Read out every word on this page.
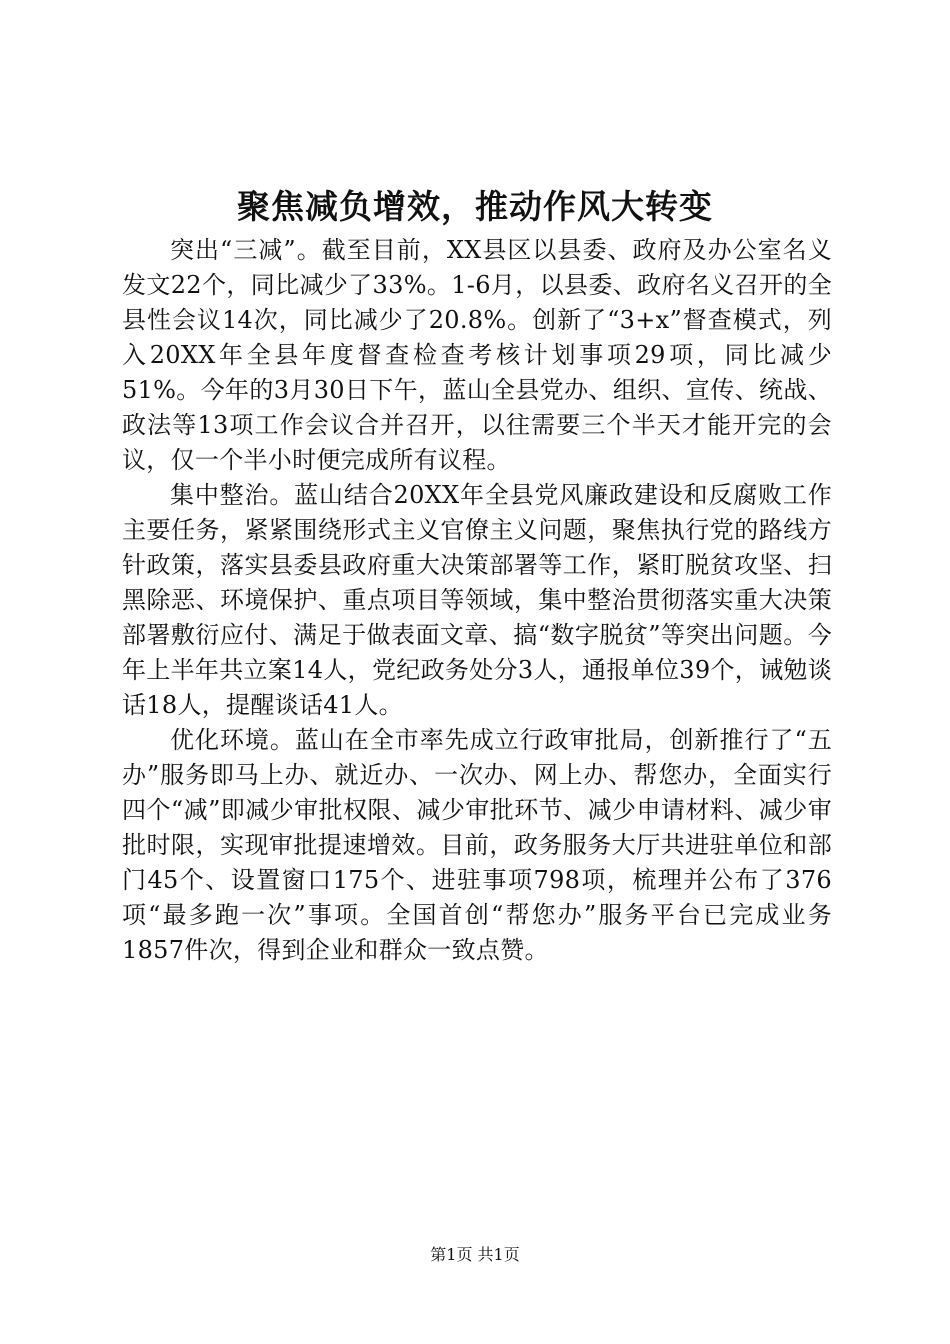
聚焦减负增效，推动作风大转变

突出“三减”。截至目前，XX县区以县委、政府及办公室名义发文22个，同比减少了33%。1-6月，以县委、政府名义召开的全县性会议14次，同比减少了20.8%。创新了“3+x”督查模式，列入20XX年全县年度督查检查考核计划事项29项，同比减少51%。今年的3月30日下午，蓝山全县党办、组织、宣传、统战、政法等13项工作会议合并召开，以往需要三个半天才能开完的会议，仅一个半小时便完成所有议程。

集中整治。蓝山结合20XX年全县党风廉政建设和反腐败工作主要任务，紧紧围绕形式主义官僚主义问题，聚焦执行党的路线方针政策，落实县委县政府重大决策部署等工作，紧盯脱贫攻坚、扫黑除恶、环境保护、重点项目等领域，集中整治贯彻落实重大决策部署敷衍应付、满足于做表面文章、搞“数字脱贫”等突出问题。今年上半年共立案14人，党纪政务处分3人，通报单位39个，诫勉谈话18人，提醒谈话41人。

优化环境。蓝山在全市率先成立行政审批局，创新推行了“五办”服务即马上办、就近办、一次办、网上办、帮您办，全面实行四个“减”即减少审批权限、减少审批环节、减少申请材料、减少审批时限，实现审批提速增效。目前，政务服务大厅共进驻单位和部门45个、设置窗口175个、进驻事项798项，梳理并公布了376项“最多跑一次”事项。全国首创“帮您办”服务平台已完成业务1857件次，得到企业和群众一致点赞。

第1页 共1页
